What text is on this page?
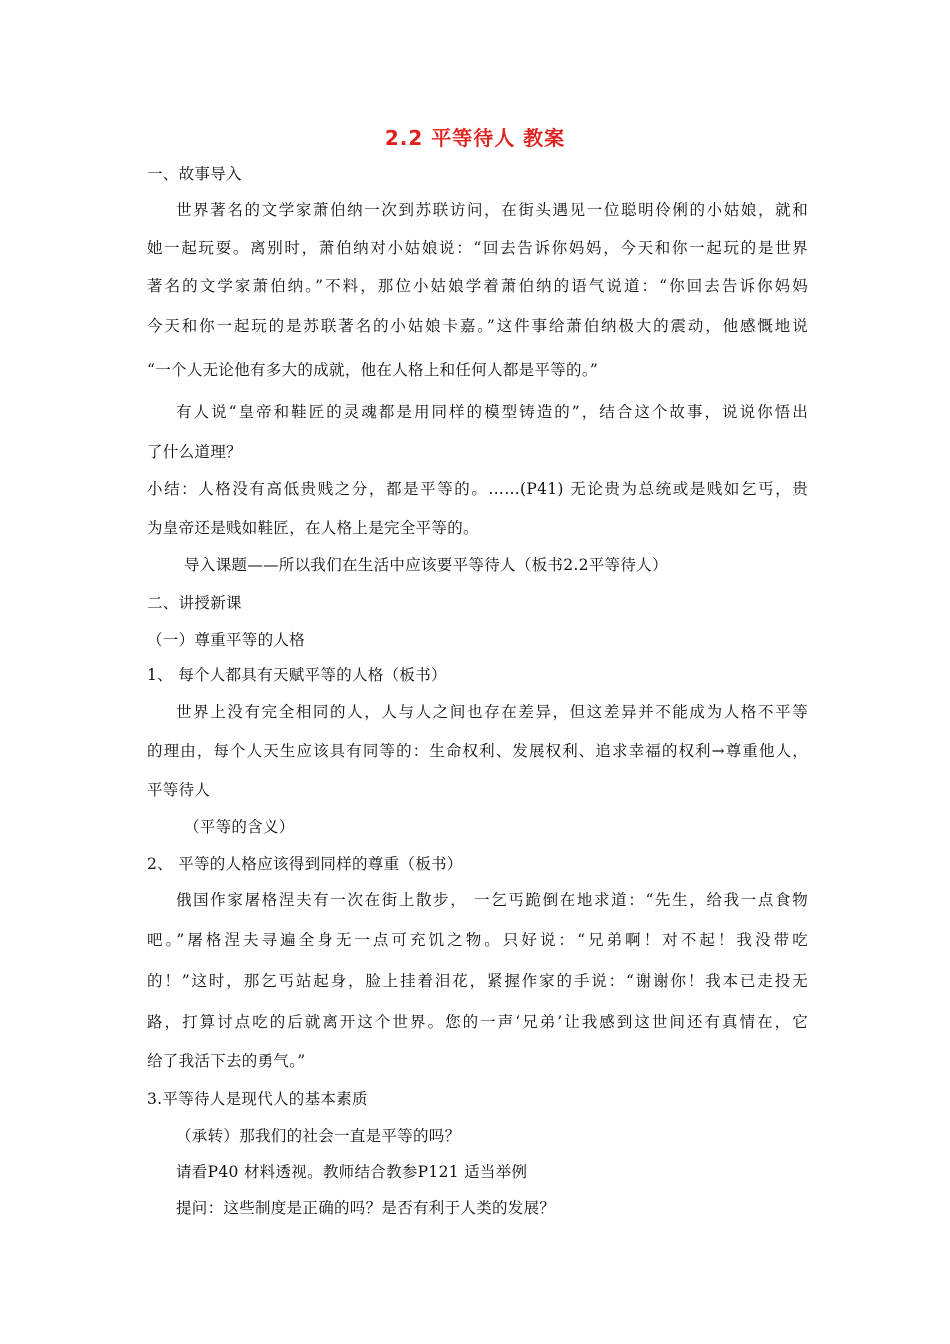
2.2 平等待人 教案
一、故事导入
世界著名的文学家萧伯纳一次到苏联访问，在街头遇见一位聪明伶俐的小姑娘，就和
她一起玩耍。离别时，萧伯纳对小姑娘说：“回去告诉你妈妈，今天和你一起玩的是世界
著名的文学家萧伯纳。”不料，那位小姑娘学着萧伯纳的语气说道：“你回去告诉你妈妈
今天和你一起玩的是苏联著名的小姑娘卡嘉。”这件事给萧伯纳极大的震动，他感慨地说
“一个人无论他有多大的成就，他在人格上和任何人都是平等的。”
有人说“皇帝和鞋匠的灵魂都是用同样的模型铸造的”，结合这个故事，说说你悟出
了什么道理？
小结：人格没有高低贵贱之分，都是平等的。……(P41) 无论贵为总统或是贱如乞丐，贵
为皇帝还是贱如鞋匠，在人格上是完全平等的。
导入课题——所以我们在生活中应该要平等待人（板书2.2平等待人）
二、讲授新课
（一）尊重平等的人格
1、 每个人都具有天赋平等的人格（板书）
世界上没有完全相同的人，人与人之间也存在差异，但这差异并不能成为人格不平等
的理由，每个人天生应该具有同等的：生命权利、发展权利、追求幸福的权利→尊重他人，
平等待人
（平等的含义）
2、 平等的人格应该得到同样的尊重（板书）
俄国作家屠格涅夫有一次在街上散步， 一乞丐跪倒在地求道：“先生，给我一点食物
吧。”屠格涅夫寻遍全身无一点可充饥之物。只好说：“兄弟啊！对不起！我没带吃
的！”这时，那乞丐站起身，脸上挂着泪花，紧握作家的手说：“谢谢你！我本已走投无
路，打算讨点吃的后就离开这个世界。您的一声‘兄弟’让我感到这世间还有真情在，它
给了我活下去的勇气。”
3.平等待人是现代人的基本素质
（承转）那我们的社会一直是平等的吗？
请看P40 材料透视。教师结合教参P121 适当举例
提问：这些制度是正确的吗？是否有利于人类的发展？
